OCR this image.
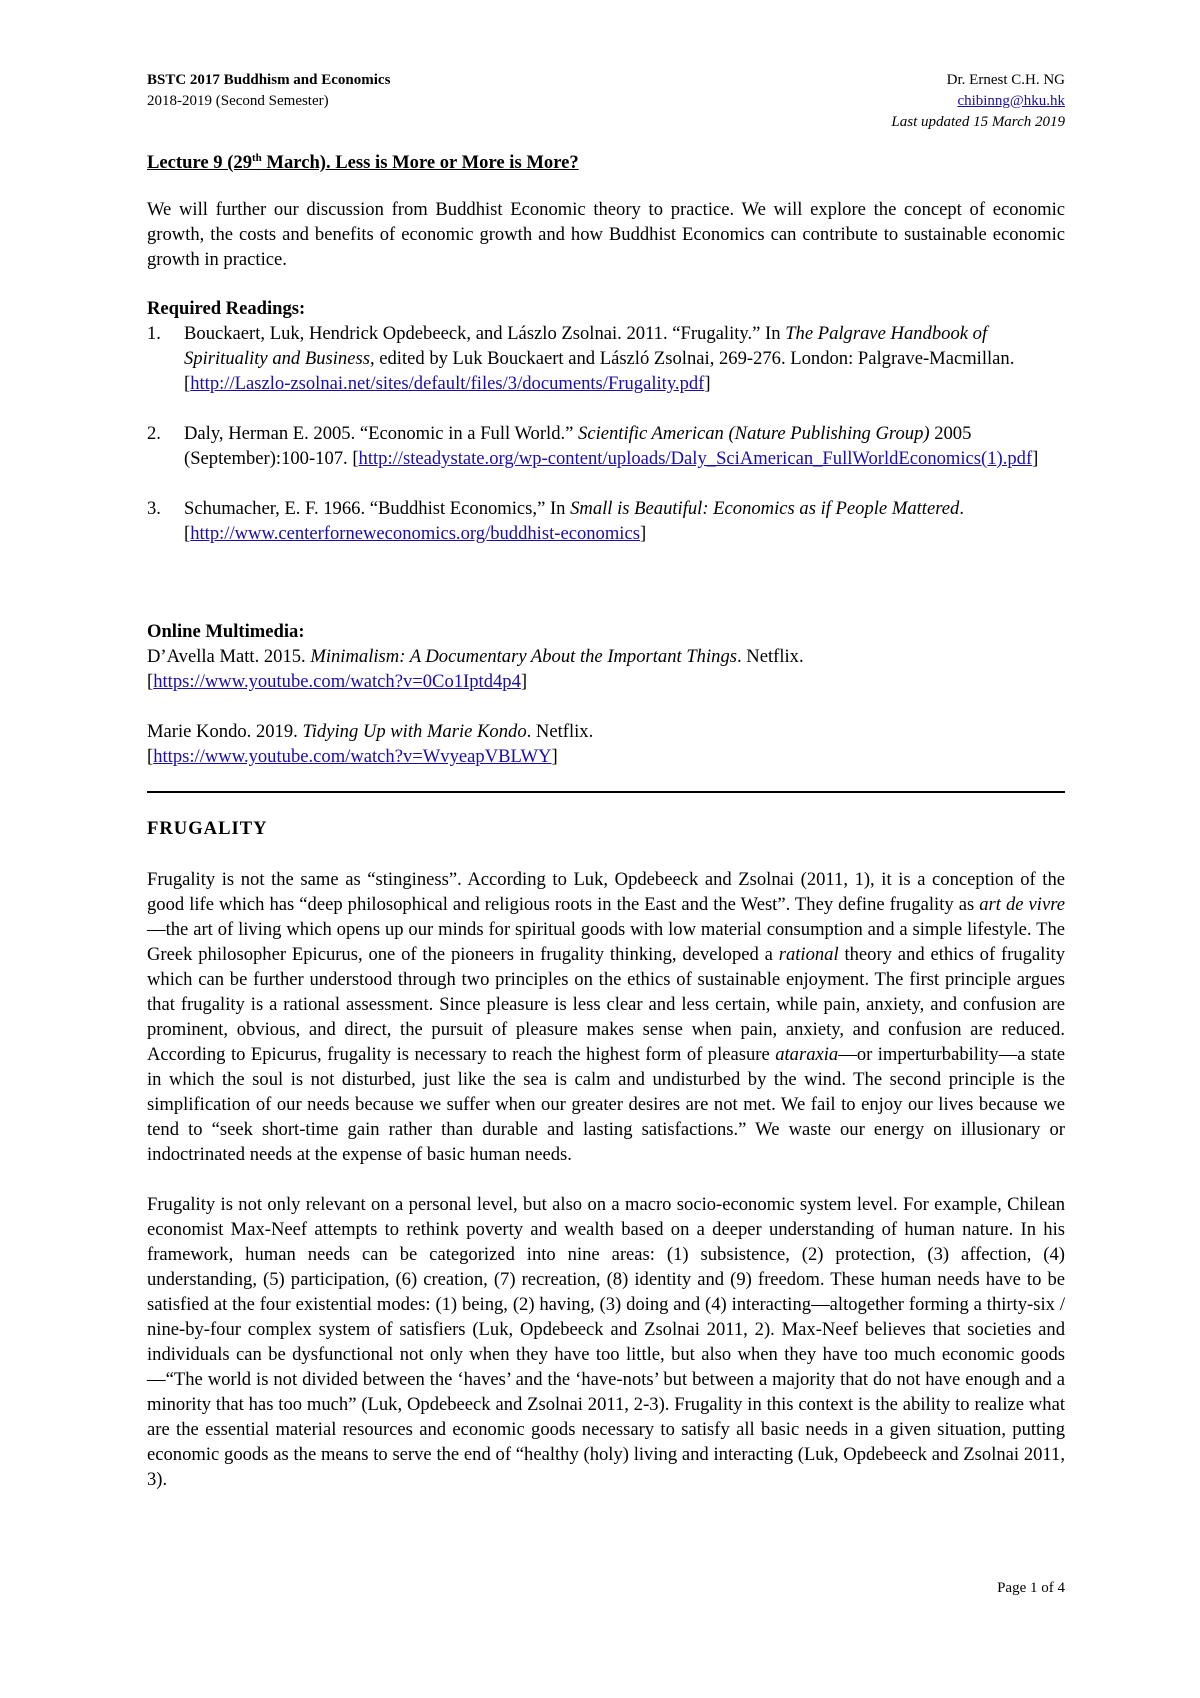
BSTC 2017 Buddhism and Economics	Dr. Ernest C.H. NG
2018-2019 (Second Semester)	chibinng@hku.hk
Last updated 15 March 2019
Lecture 9 (29th March). Less is More or More is More?

We will further our discussion from Buddhist Economic theory to practice. We will explore the concept of economic growth, the costs and benefits of economic growth and how Buddhist Economics can contribute to sustainable economic growth in practice.

Required Readings:
1. Bouckaert, Luk, Hendrick Opdebeeck, and Lászlo Zsolnai. 2011. “Frugality.” In The Palgrave Handbook of Spirituality and Business, edited by Luk Bouckaert and László Zsolnai, 269-276. London: Palgrave-Macmillan.
[http://Laszlo-zsolnai.net/sites/default/files/3/documents/Frugality.pdf]
2. Daly, Herman E. 2005. “Economic in a Full World.” Scientific American (Nature Publishing Group) 2005 (September):100-107. [http://steadystate.org/wp-content/uploads/Daly_SciAmerican_FullWorldEconomics(1).pdf]
3. Schumacher, E. F. 1966. “Buddhist Economics,” In Small is Beautiful: Economics as if People Mattered. [http://www.centerforneweconomics.org/buddhist-economics]
Online Multimedia:
D’Avella Matt. 2015. Minimalism: A Documentary About the Important Things. Netflix.
[https://www.youtube.com/watch?v=0Co1Iptd4p4]
Marie Kondo. 2019. Tidying Up with Marie Kondo. Netflix.
[https://www.youtube.com/watch?v=WvyeapVBLWY]
FRUGALITY

Frugality is not the same as “stinginess”. According to Luk, Opdebeeck and Zsolnai (2011, 1), it is a conception of the good life which has “deep philosophical and religious roots in the East and the West”. They define frugality as art de vivre—the art of living which opens up our minds for spiritual goods with low material consumption and a simple lifestyle. The Greek philosopher Epicurus, one of the pioneers in frugality thinking, developed a rational theory and ethics of frugality which can be further understood through two principles on the ethics of sustainable enjoyment. The first principle argues that frugality is a rational assessment. Since pleasure is less clear and less certain, while pain, anxiety, and confusion are prominent, obvious, and direct, the pursuit of pleasure makes sense when pain, anxiety, and confusion are reduced. According to Epicurus, frugality is necessary to reach the highest form of pleasure ataraxia—or imperturbability—a state in which the soul is not disturbed, just like the sea is calm and undisturbed by the wind. The second principle is the simplification of our needs because we suffer when our greater desires are not met. We fail to enjoy our lives because we tend to “seek short-time gain rather than durable and lasting satisfactions.” We waste our energy on illusionary or indoctrinated needs at the expense of basic human needs.

Frugality is not only relevant on a personal level, but also on a macro socio-economic system level. For example, Chilean economist Max-Neef attempts to rethink poverty and wealth based on a deeper understanding of human nature. In his framework, human needs can be categorized into nine areas: (1) subsistence, (2) protection, (3) affection, (4) understanding, (5) participation, (6) creation, (7) recreation, (8) identity and (9) freedom. These human needs have to be satisfied at the four existential modes: (1) being, (2) having, (3) doing and (4) interacting—altogether forming a thirty-six / nine-by-four complex system of satisfiers (Luk, Opdebeeck and Zsolnai 2011, 2). Max-Neef believes that societies and individuals can be dysfunctional not only when they have too little, but also when they have too much economic goods—“The world is not divided between the ‘haves’ and the ‘have-nots’ but between a majority that do not have enough and a minority that has too much” (Luk, Opdebeeck and Zsolnai 2011, 2-3). Frugality in this context is the ability to realize what are the essential material resources and economic goods necessary to satisfy all basic needs in a given situation, putting economic goods as the means to serve the end of “healthy (holy) living and interacting (Luk, Opdebeeck and Zsolnai 2011, 3).

Page 1 of 4
